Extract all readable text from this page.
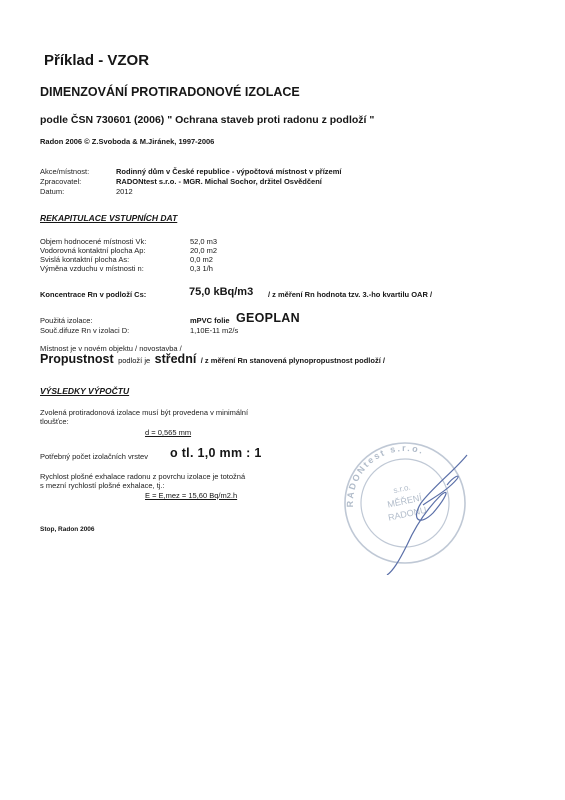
Příklad - VZOR
DIMENZOVÁNÍ PROTIRADONOVÉ IZOLACE
podle ČSN 730601 (2006) " Ochrana staveb proti radonu z podloží "
Radon 2006 © Z.Svoboda & M.Jiránek, 1997-2006
Akce/místnost:	Rodinný dům v České republice - výpočtová místnost v přízemí
Zpracovatel:	RADONtest s.r.o. - MGR. Michal Sochor, držitel Osvědčení
Datum:	2012
REKAPITULACE VSTUPNÍCH DAT
Objem hodnocené místnosti Vk:	52,0 m3
Vodorovná kontaktní plocha Ap:	20,0 m2
Svislá kontaktní plocha As:	0,0 m2
Výměna vzduchu v místnosti n:	0,3 1/h
Koncentrace Rn v podloží Cs:	75,0 kBq/m3 / z měření Rn hodnota tzv. 3.-ho kvartilu OAR /
Použitá izolace:	mPVC folie GEOPLAN
Souč.difuze Rn v izolaci D:	1,10E-11 m2/s
Místnost je v novém objektu / novostavba /
Propustnost podloží je střední / z měření Rn stanovená plynopropustnost podloží /
VÝSLEDKY VÝPOČTU
Zvolená protiradonová izolace musí být provedena v minimální
tloušťce:
d = 0,565 mm
Potřebný počet izolačních vrstev o tl. 1,0 mm : 1
Rychlost plošné exhalace radonu z povrchu izolace je totožná
s mezní rychlostí plošné exhalace, tj.:
E = E,mez = 15,60 Bq/m2.h
Stop, Radon 2006
RADONtest s.r.o.
s.r.o.
MĚŘENÍ
RADONU
